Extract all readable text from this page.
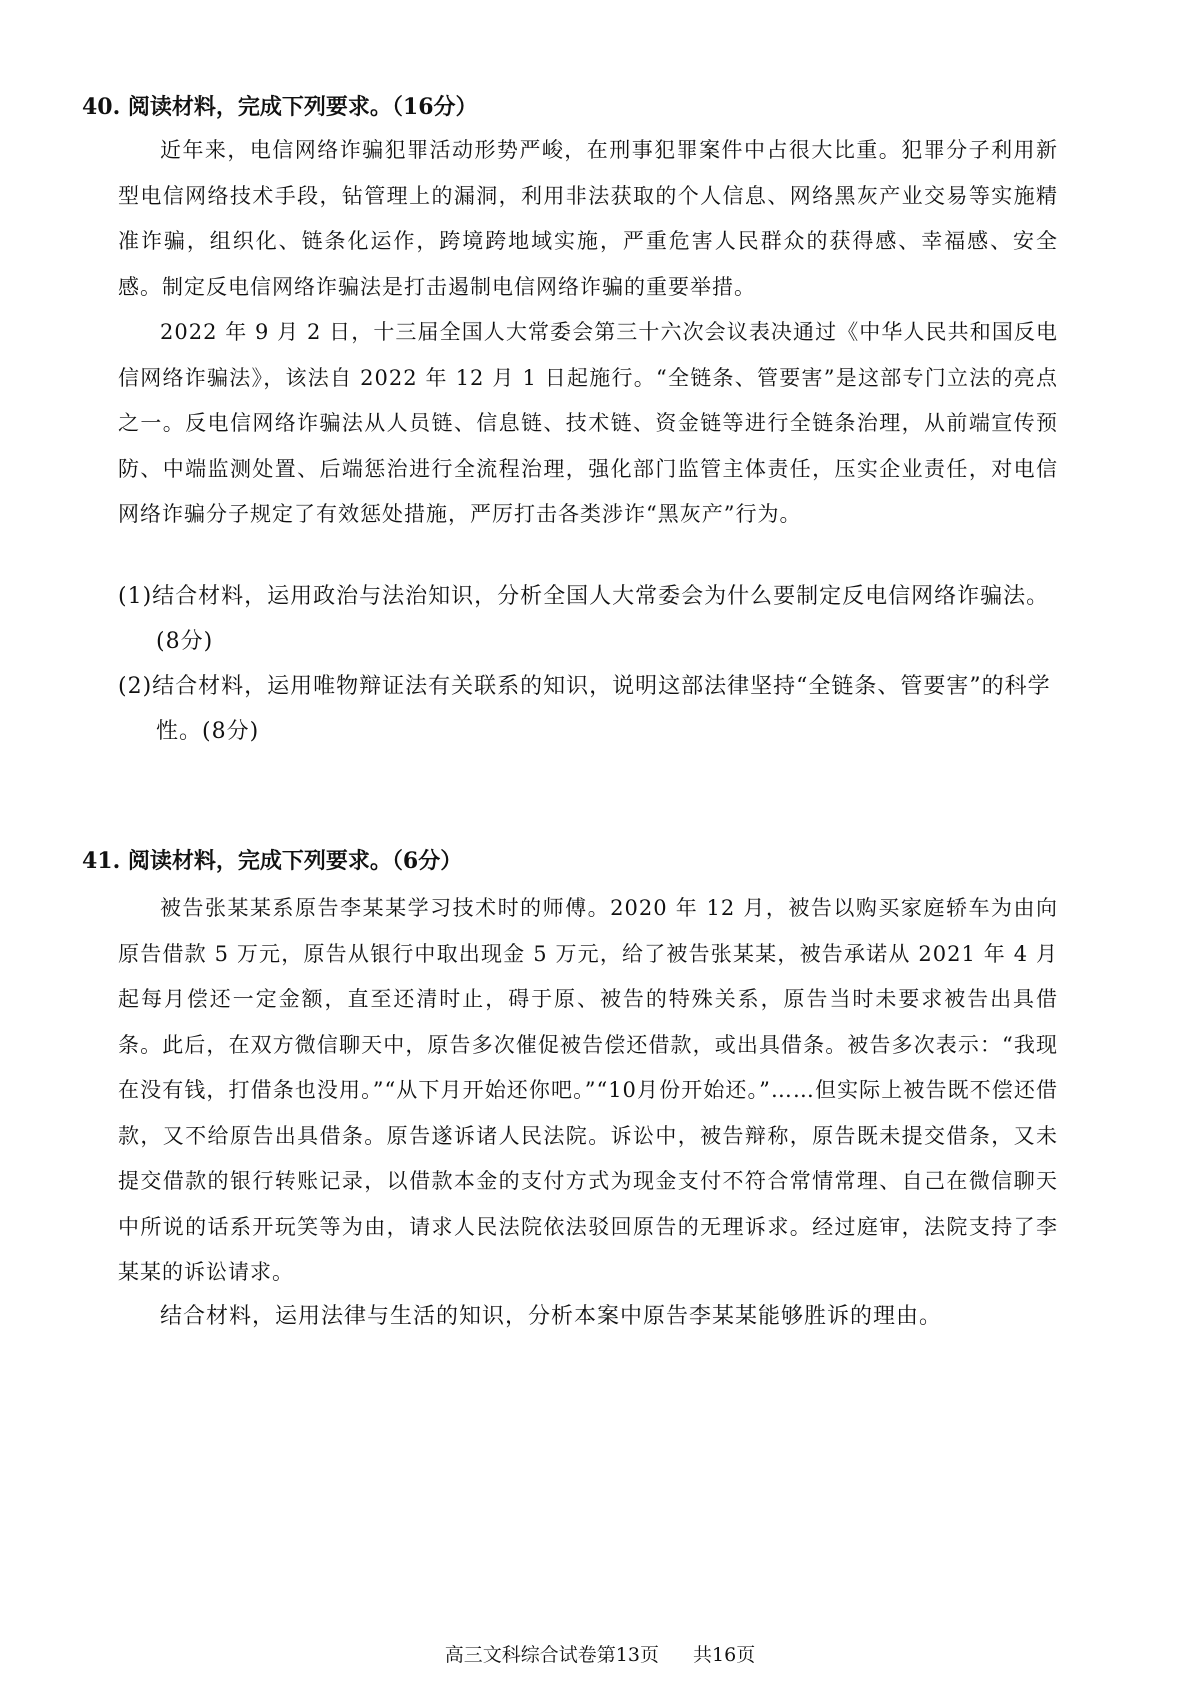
40. 阅读材料，完成下列要求。（16分）
近年来，电信网络诈骗犯罪活动形势严峻，在刑事犯罪案件中占很大比重。犯罪分子利用新型电信网络技术手段，钻管理上的漏洞，利用非法获取的个人信息、网络黑灰产业交易等实施精准诈骗，组织化、链条化运作，跨境跨地域实施，严重危害人民群众的获得感、幸福感、安全感。制定反电信网络诈骗法是打击遏制电信网络诈骗的重要举措。
2022 年 9 月 2 日，十三届全国人大常委会第三十六次会议表决通过《中华人民共和国反电信网络诈骗法》，该法自 2022 年 12 月 1 日起施行。“全链条、管要害”是这部专门立法的亮点之一。反电信网络诈骗法从人员链、信息链、技术链、资金链等进行全链条治理，从前端宣传预防、中端监测处置、后端惩治进行全流程治理，强化部门监管主体责任，压实企业责任，对电信网络诈骗分子规定了有效惩处措施，严厉打击各类涉诈“黑灰产”行为。
(1)结合材料，运用政治与法治知识，分析全国人大常委会为什么要制定反电信网络诈骗法。(8分)
(2)结合材料，运用唯物辩证法有关联系的知识，说明这部法律坚持“全链条、管要害”的科学性。(8分)
41. 阅读材料，完成下列要求。（6分）
被告张某某系原告李某某学习技术时的师傅。2020 年 12 月，被告以购买家庭轿车为由向原告借款 5 万元，原告从银行中取出现金 5 万元，给了被告张某某，被告承诺从 2021 年 4 月起每月偿还一定金额，直至还清时止，碍于原、被告的特殊关系，原告当时未要求被告出具借条。此后，在双方微信聊天中，原告多次催促被告偿还借款，或出具借条。被告多次表示：“我现在没有钱，打借条也没用。”“从下月开始还你吧。”“10月份开始还。”……但实际上被告既不偿还借款，又不给原告出具借条。原告遂诉诸人民法院。诉讼中，被告辩称，原告既未提交借条，又未提交借款的银行转账记录，以借款本金的支付方式为现金支付不符合常情常理、自己在微信聊天中所说的话系开玩笑等为由，请求人民法院依法驳回原告的无理诉求。经过庭审，法院支持了李某某的诉讼请求。
结合材料，运用法律与生活的知识，分析本案中原告李某某能够胜诉的理由。
高三文科综合试卷第13页 共16页
